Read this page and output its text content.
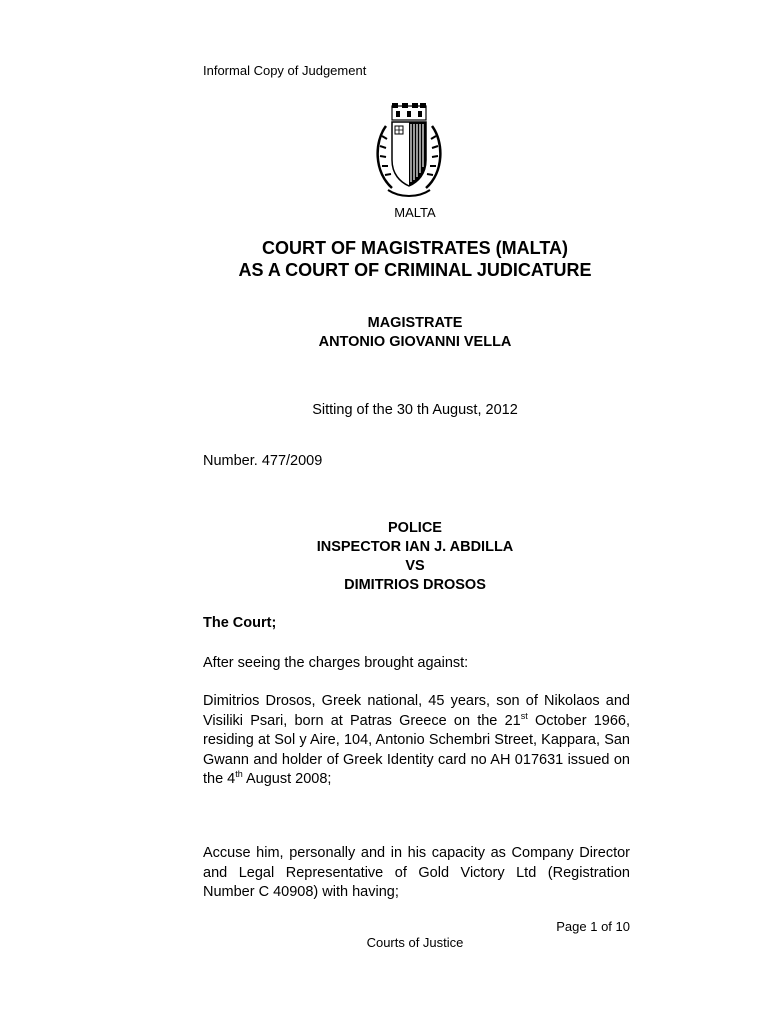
Informal Copy of Judgement
MALTA
COURT OF MAGISTRATES (MALTA)
AS A COURT OF CRIMINAL JUDICATURE
MAGISTRATE
ANTONIO GIOVANNI VELLA
Sitting of the 30 th August, 2012
Number. 477/2009
POLICE
INSPECTOR IAN J. ABDILLA
VS
DIMITRIOS DROSOS
The Court;
After seeing the charges brought against:
Dimitrios Drosos, Greek national, 45 years, son of Nikolaos and Visiliki Psari, born at Patras Greece on the 21st October 1966, residing at Sol y Aire, 104, Antonio Schembri Street, Kappara, San Gwann and holder of Greek Identity card no AH 017631 issued on the 4th August 2008;
Accuse him, personally and in his capacity as Company Director and Legal Representative of Gold Victory Ltd (Registration Number C 40908) with having;
Page 1 of 10
Courts of Justice
